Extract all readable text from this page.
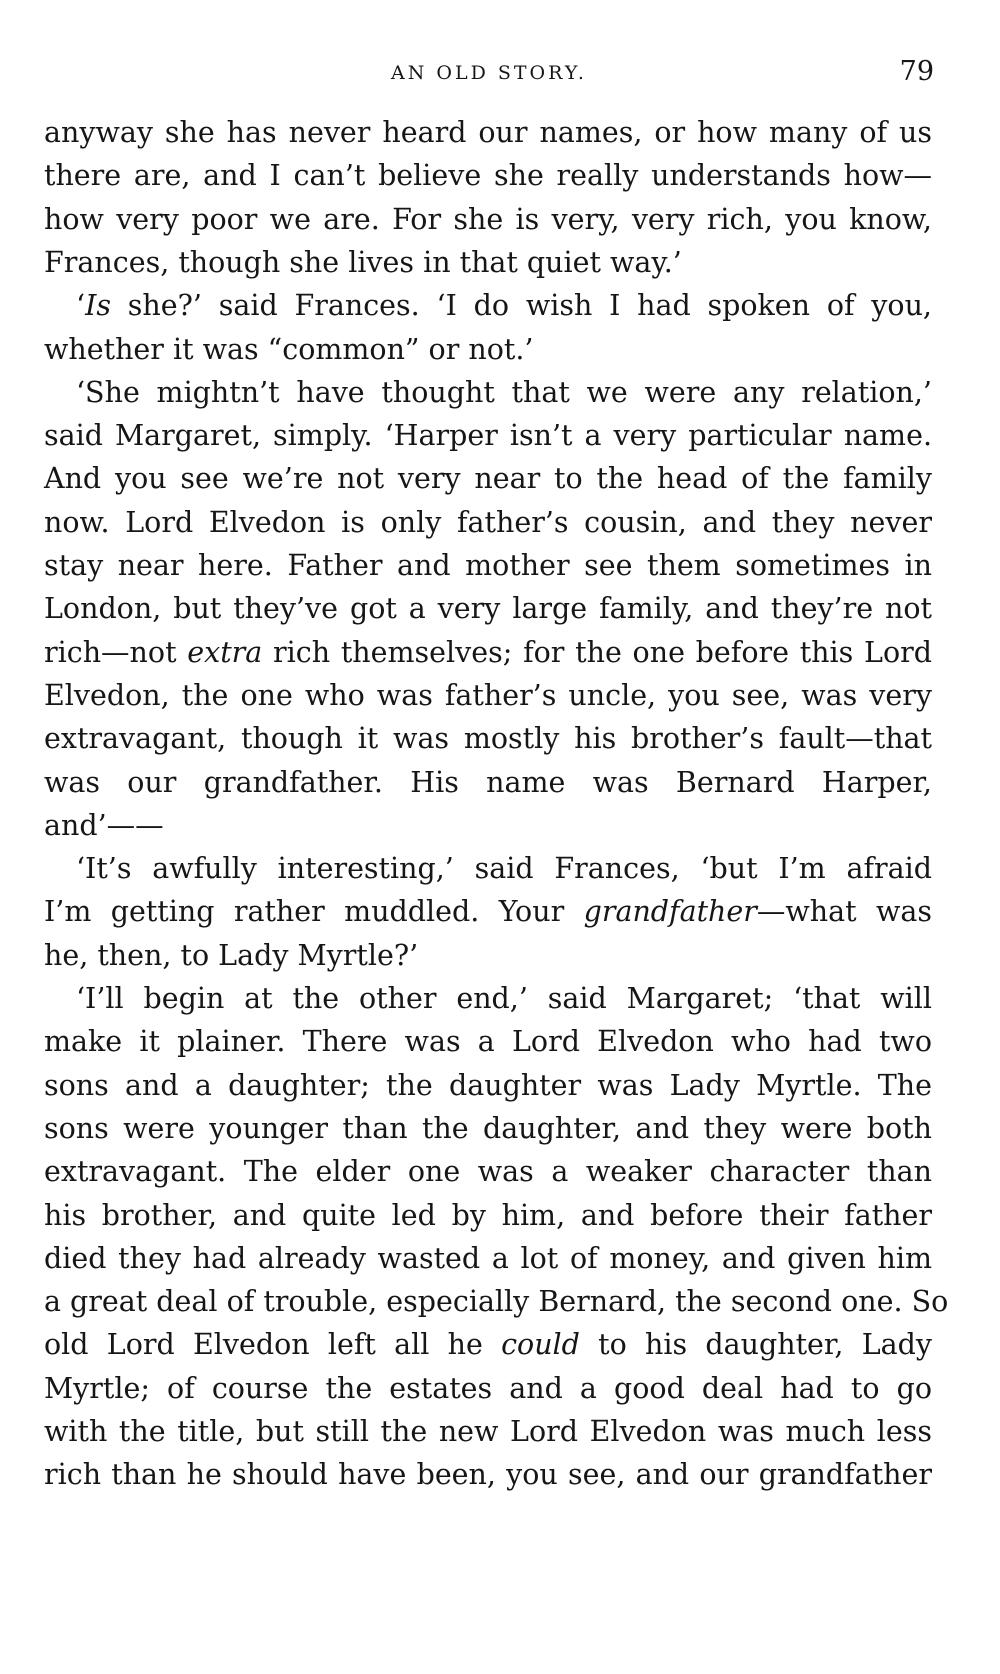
AN OLD STORY.	79
anyway she has never heard our names, or how many of us
there are, and I can’t believe she really understands how—
how very poor we are. For she is very, very rich, you know,
Frances, though she lives in that quiet way.’
‘Is she?’ said Frances. ‘I do wish I had spoken of you,
whether it was “common” or not.’
‘She mightn’t have thought that we were any relation,’
said Margaret, simply. ‘Harper isn’t a very particular name.
And you see we’re not very near to the head of the family
now. Lord Elvedon is only father’s cousin, and they never
stay near here. Father and mother see them sometimes in
London, but they’ve got a very large family, and they’re not
rich—not extra rich themselves; for the one before this Lord
Elvedon, the one who was father’s uncle, you see, was very
extravagant, though it was mostly his brother’s fault—that
was our grandfather. His name was Bernard Harper,
and’——
‘It’s awfully interesting,’ said Frances, ‘but I’m afraid
I’m getting rather muddled. Your grandfather—what was
he, then, to Lady Myrtle?’
‘I’ll begin at the other end,’ said Margaret; ‘that will
make it plainer. There was a Lord Elvedon who had two
sons and a daughter; the daughter was Lady Myrtle. The
sons were younger than the daughter, and they were both
extravagant. The elder one was a weaker character than
his brother, and quite led by him, and before their father
died they had already wasted a lot of money, and given him
a great deal of trouble, especially Bernard, the second one. So
old Lord Elvedon left all he could to his daughter, Lady
Myrtle; of course the estates and a good deal had to go
with the title, but still the new Lord Elvedon was much less
rich than he should have been, you see, and our grandfather
